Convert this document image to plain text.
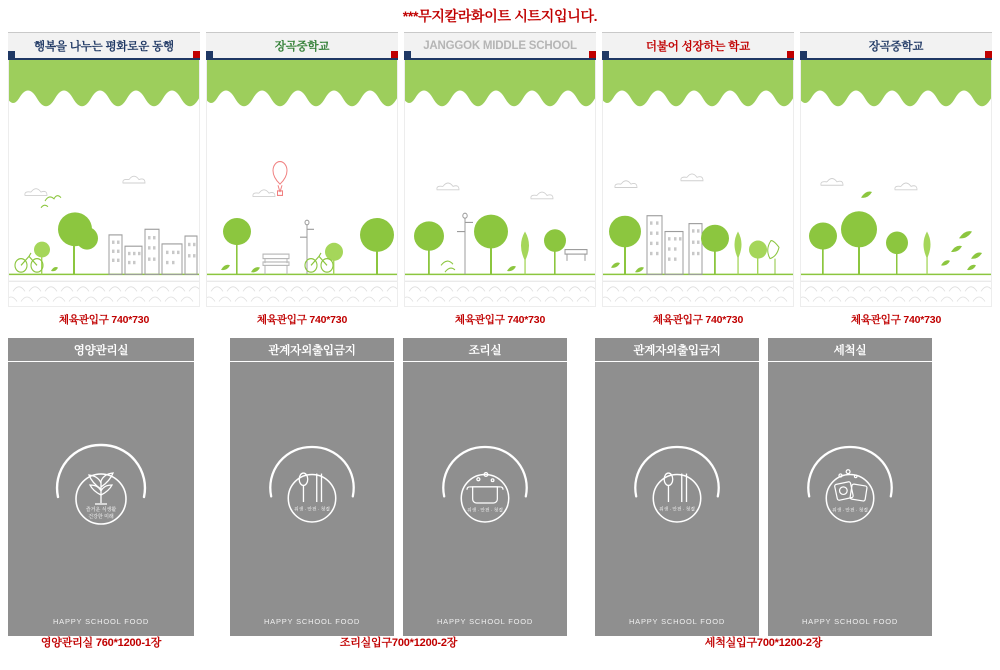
***무지칼라화이트 시트지입니다.
행복을 나누는 평화로운 동행
체육관입구 740*730
장곡중학교
체육관입구 740*730
JANGGOK MIDDLE SCHOOL
체육관입구 740*730
더불어 성장하는 학교
체육관입구 740*730
장곡중학교
체육관입구 740*730
영양관리실
즐거운 식생활
건강한 미래
HAPPY SCHOOL FOOD
영양관리실 760*1200-1장
관계자외출입금지
위생 · 안전 · 청결
HAPPY SCHOOL FOOD
조리실
위생 · 안전 · 청결
HAPPY SCHOOL FOOD
조리실입구700*1200-2장
관계자외출입금지
위생 · 안전 · 청결
HAPPY SCHOOL FOOD
세척실
위생 · 안전 · 청결
HAPPY SCHOOL FOOD
세척실입구700*1200-2장
